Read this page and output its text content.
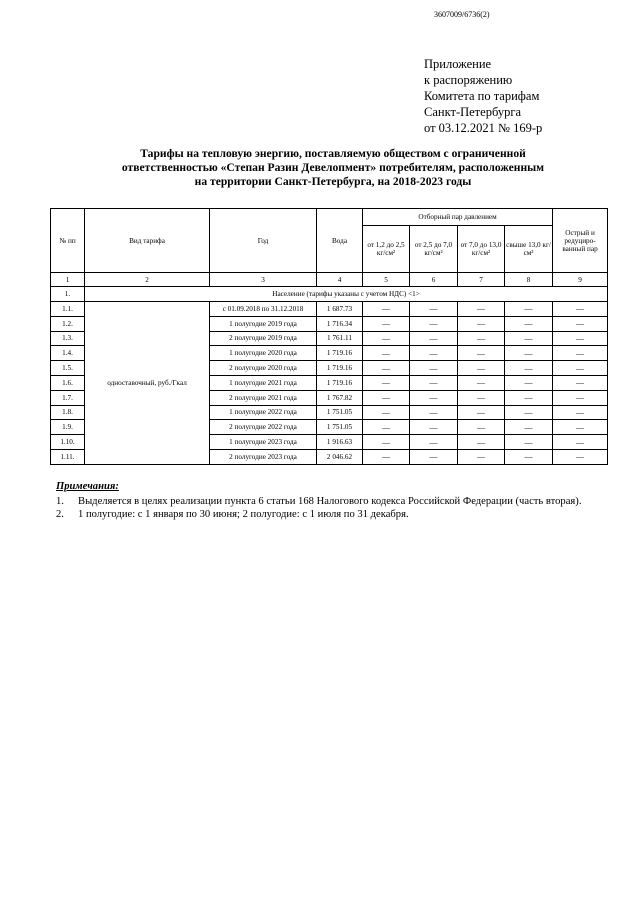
3607009/6736(2)
Приложение
к распоряжению
Комитета по тарифам
Санкт-Петербурга
от 03.12.2021 № 169-р
Тарифы на тепловую энергию, поставляемую обществом с ограниченной
ответственностью «Степан Разин Девелопмент» потребителям, расположенным
на территории Санкт-Петербурга, на 2018-2023 годы
№ пп	Вид тарифа	Год	Вода	Отборный пар давлением				Острый и редуциро-ванный пар
				от 1,2 до 2,5 кг/см²	от 2,5 до 7,0 кг/см²	от 7,0 до 13,0 кг/см²	свыше 13,0 кг/см²	
1	2	3	4	5	6	7	8	9
1.	Население (тарифы указаны с учетом НДС) <1>							
1.1.	одноставочный, руб./Гкал	с 01.09.2018 по 31.12.2018	1 687.73	—	—	—	—	—
1.2.		1 полугодие 2019 года	1 716.34	—	—	—	—	—
1.3.		2 полугодие 2019 года	1 761.11	—	—	—	—	—
1.4.		1 полугодие 2020 года	1 719.16	—	—	—	—	—
1.5.		2 полугодие 2020 года	1 719.16	—	—	—	—	—
1.6.		1 полугодие 2021 года	1 719.16	—	—	—	—	—
1.7.		2 полугодие 2021 года	1 767.82	—	—	—	—	—
1.8.		1 полугодие 2022 года	1 751.05	—	—	—	—	—
1.9.		2 полугодие 2022 года	1 751.05	—	—	—	—	—
1.10.		1 полугодие 2023 года	1 916.63	—	—	—	—	—
1.11.		2 полугодие 2023 года	2 046.62	—	—	—	—	—
Примечания:
1.	Выделяется в целях реализации пункта 6 статьи 168 Налогового кодекса Российской Федерации (часть вторая).
2.	1 полугодие: с 1 января по 30 июня; 2 полугодие: с 1 июля по 31 декабря.
